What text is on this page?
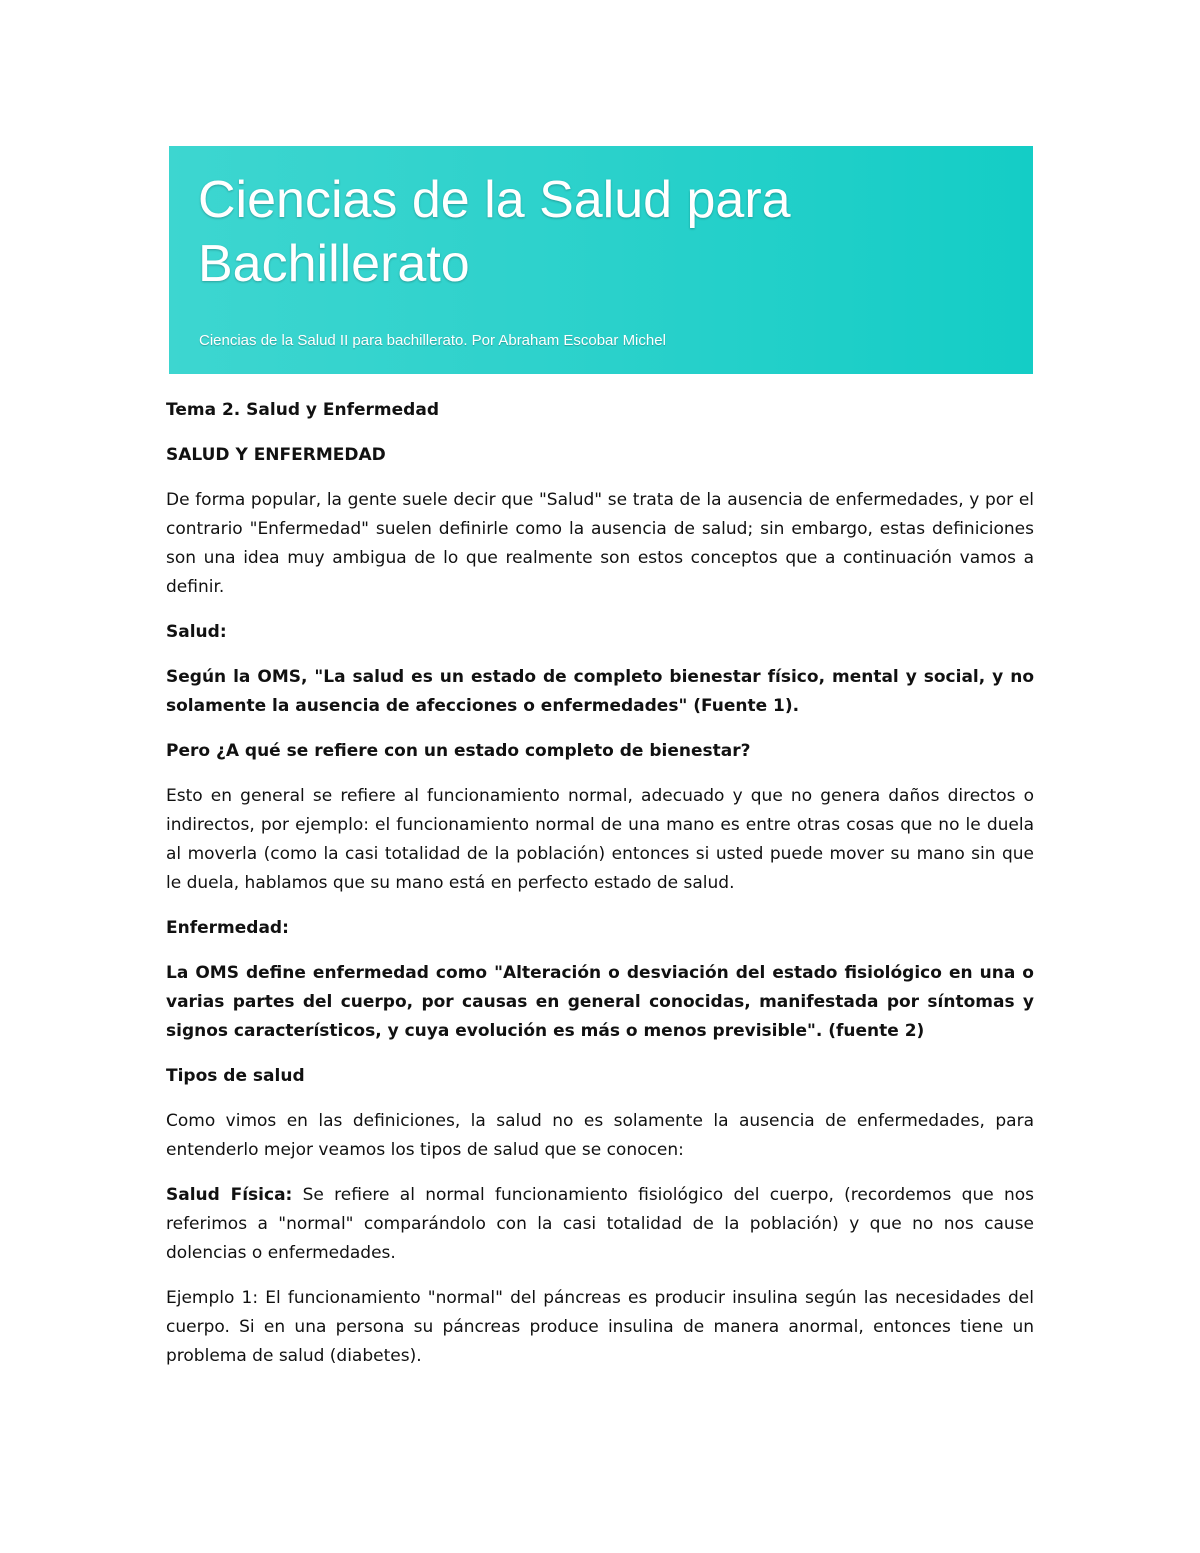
Ciencias de la Salud para Bachillerato

Ciencias de la Salud II para bachillerato. Por Abraham Escobar Michel

Tema 2. Salud y Enfermedad

SALUD Y ENFERMEDAD

De forma popular, la gente suele decir que "Salud" se trata de la ausencia de enfermedades, y por el contrario "Enfermedad" suelen definirle como la ausencia de salud; sin embargo, estas definiciones son una idea muy ambigua de lo que realmente son estos conceptos que a continuación vamos a definir.

Salud:

Según la OMS, "La salud es un estado de completo bienestar físico, mental y social, y no solamente la ausencia de afecciones o enfermedades" (Fuente 1).

Pero ¿A qué se refiere con un estado completo de bienestar?

Esto en general se refiere al funcionamiento normal, adecuado y que no genera daños directos o indirectos, por ejemplo: el funcionamiento normal de una mano es entre otras cosas que no le duela al moverla (como la casi totalidad de la población) entonces si usted puede mover su mano sin que le duela, hablamos que su mano está en perfecto estado de salud.

Enfermedad:

La OMS define enfermedad como "Alteración o desviación del estado fisiológico en una o varias partes del cuerpo, por causas en general conocidas, manifestada por síntomas y signos característicos, y cuya evolución es más o menos previsible". (fuente 2)

Tipos de salud

Como vimos en las definiciones, la salud no es solamente la ausencia de enfermedades, para entenderlo mejor veamos los tipos de salud que se conocen:

Salud Física: Se refiere al normal funcionamiento fisiológico del cuerpo, (recordemos que nos referimos a "normal" comparándolo con la casi totalidad de la población) y que no nos cause dolencias o enfermedades.

Ejemplo 1: El funcionamiento "normal" del páncreas es producir insulina según las necesidades del cuerpo. Si en una persona su páncreas produce insulina de manera anormal, entonces tiene un problema de salud (diabetes).
